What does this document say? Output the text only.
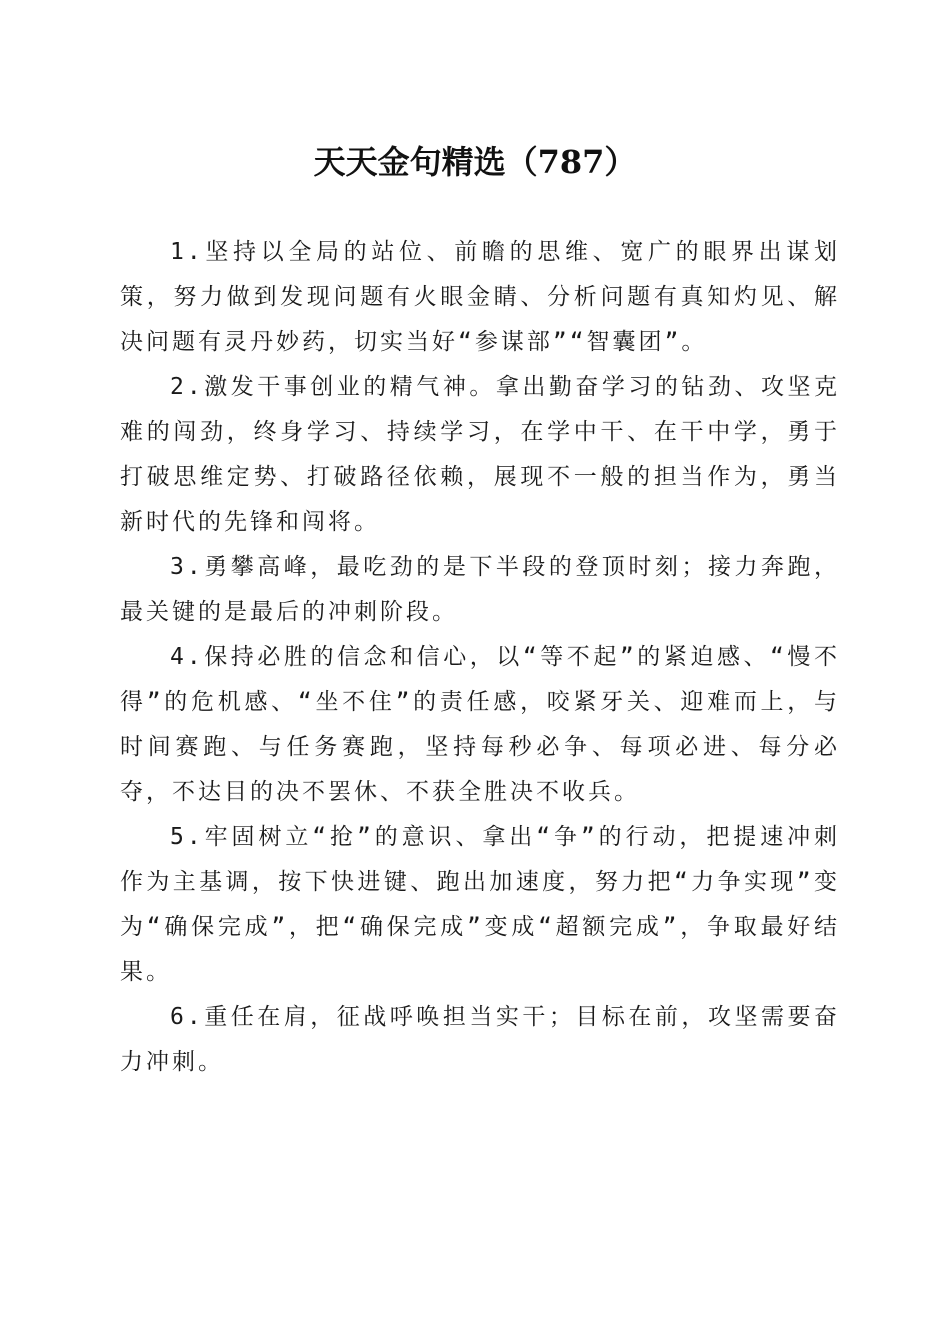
天天金句精选（787）

1.坚持以全局的站位、前瞻的思维、宽广的眼界出谋划策，努力做到发现问题有火眼金睛、分析问题有真知灼见、解决问题有灵丹妙药，切实当好“参谋部”“智囊团”。

2.激发干事创业的精气神。拿出勤奋学习的钻劲、攻坚克难的闯劲，终身学习、持续学习，在学中干、在干中学，勇于打破思维定势、打破路径依赖，展现不一般的担当作为，勇当新时代的先锋和闯将。

3.勇攀高峰，最吃劲的是下半段的登顶时刻；接力奔跑，最关键的是最后的冲刺阶段。

4.保持必胜的信念和信心，以“等不起”的紧迫感、“慢不得”的危机感、“坐不住”的责任感，咬紧牙关、迎难而上，与时间赛跑、与任务赛跑，坚持每秒必争、每项必进、每分必夺，不达目的决不罢休、不获全胜决不收兵。

5.牢固树立“抢”的意识、拿出“争”的行动，把提速冲刺作为主基调，按下快进键、跑出加速度，努力把“力争实现”变为“确保完成”，把“确保完成”变成“超额完成”，争取最好结果。

6.重任在肩，征战呼唤担当实干；目标在前，攻坚需要奋力冲刺。
